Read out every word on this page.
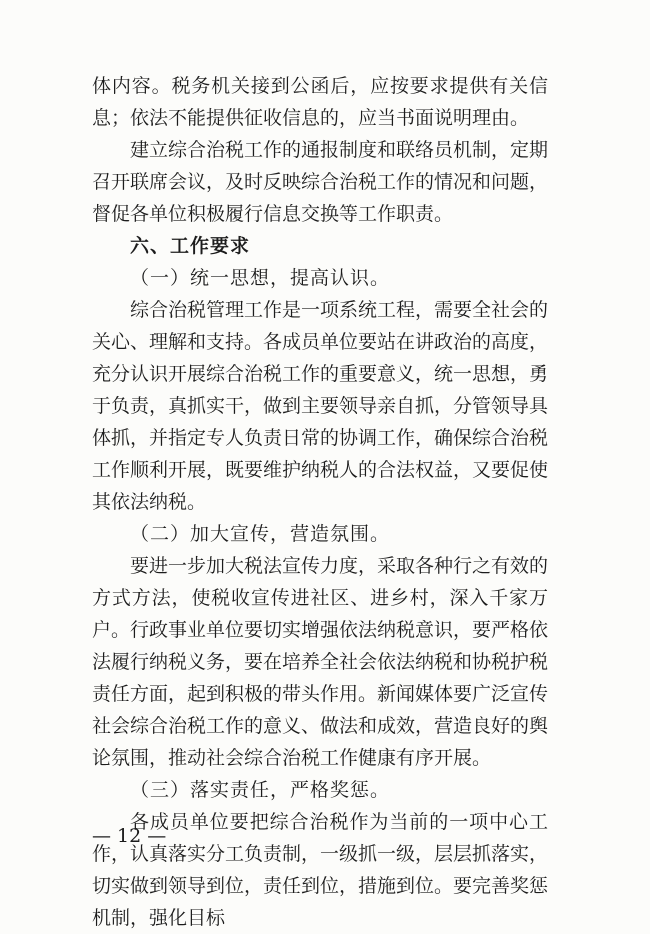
体内容。税务机关接到公函后，应按要求提供有关信息；依法不能提供征收信息的，应当书面说明理由。

建立综合治税工作的通报制度和联络员机制，定期召开联席会议，及时反映综合治税工作的情况和问题，督促各单位积极履行信息交换等工作职责。

六、工作要求

（一）统一思想，提高认识。

综合治税管理工作是一项系统工程，需要全社会的关心、理解和支持。各成员单位要站在讲政治的高度，充分认识开展综合治税工作的重要意义，统一思想，勇于负责，真抓实干，做到主要领导亲自抓，分管领导具体抓，并指定专人负责日常的协调工作，确保综合治税工作顺利开展，既要维护纳税人的合法权益，又要促使其依法纳税。

（二）加大宣传，营造氛围。

要进一步加大税法宣传力度，采取各种行之有效的方式方法，使税收宣传进社区、进乡村，深入千家万户。行政事业单位要切实增强依法纳税意识，要严格依法履行纳税义务，要在培养全社会依法纳税和协税护税责任方面，起到积极的带头作用。新闻媒体要广泛宣传社会综合治税工作的意义、做法和成效，营造良好的舆论氛围，推动社会综合治税工作健康有序开展。

（三）落实责任，严格奖惩。

各成员单位要把综合治税作为当前的一项中心工作，认真落实分工负责制，一级抓一级，层层抓落实，切实做到领导到位，责任到位，措施到位。要完善奖惩机制，强化目标

— 12 —
